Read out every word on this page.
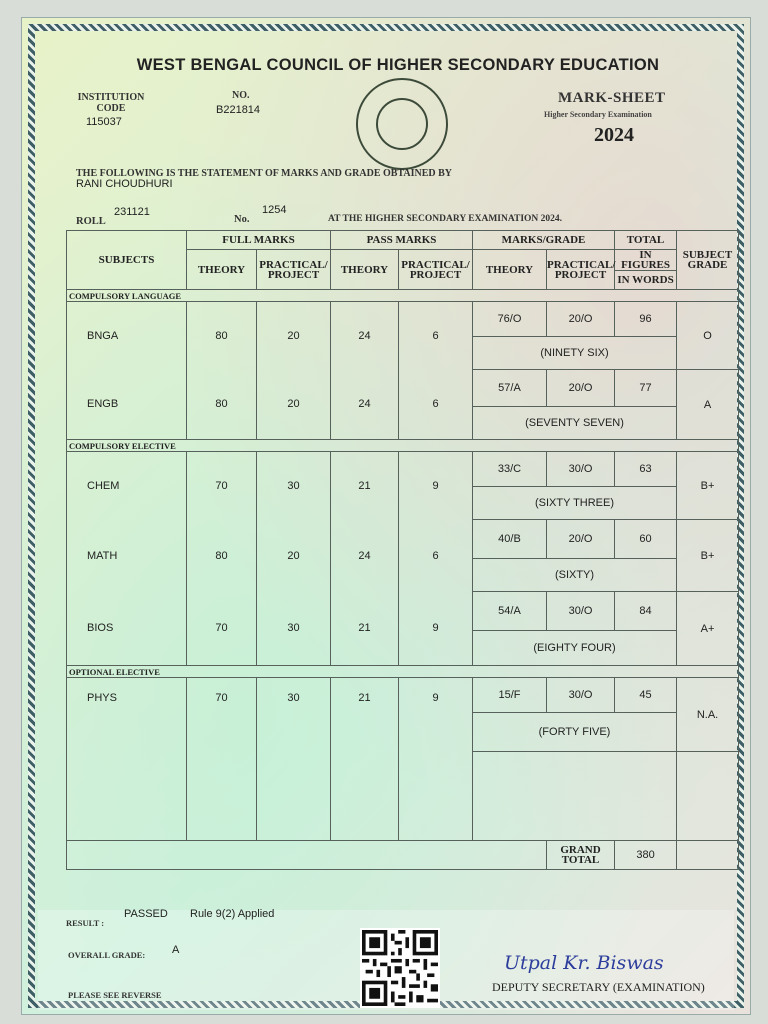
WEST BENGAL COUNCIL OF HIGHER SECONDARY EDUCATION
INSTITUTION
CODE
115037
NO.
B221814
MARK-SHEET
Higher Secondary Examination
2024
THE FOLLOWING IS THE STATEMENT OF MARKS AND GRADE OBTAINED BY
RANI CHOUDHURI
ROLL
231121
No.
1254
AT THE HIGHER SECONDARY EXAMINATION 2024.
SUBJECTS	FULL MARKS		PASS MARKS		MARKS/GRADE		TOTAL	SUBJECT GRADE
	THEORY	PRACTICAL/ PROJECT	THEORY	PRACTICAL/ PROJECT	THEORY	PRACTICAL/ PROJECT	IN FIGURES	
							IN WORDS	
COMPULSORY LANGUAGE								
BNGA	80	20	24	6	76/O	20/O	96	O
					(NINETY SIX)			
ENGB	80	20	24	6	57/A	20/O	77	A
					(SEVENTY SEVEN)			
COMPULSORY ELECTIVE								
CHEM	70	30	21	9	33/C	30/O	63	B+
					(SIXTY THREE)			
MATH	80	20	24	6	40/B	20/O	60	B+
					(SIXTY)			
BIOS	70	30	21	9	54/A	30/O	84	A+
					(EIGHTY FOUR)			
OPTIONAL ELECTIVE								
PHYS	70	30	21	9	15/F	30/O	45	N.A.
					(FORTY FIVE)			

						GRAND TOTAL	380	
RESULT :
PASSED Rule 9(2) Applied
OVERALL GRADE: A
Utpal Kr. Biswas
DEPUTY SECRETARY (EXAMINATION)
PLEASE SEE REVERSE
